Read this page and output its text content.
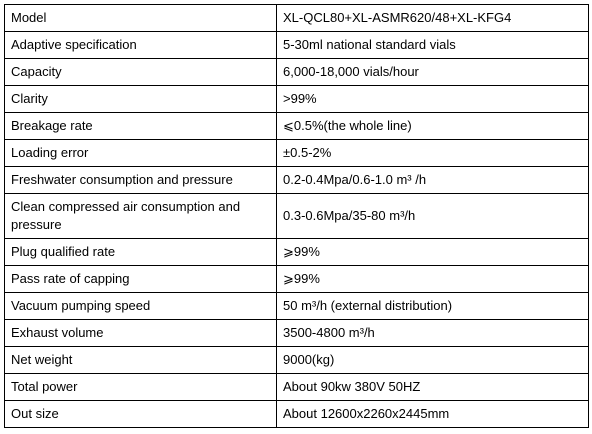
Model	XL-QCL80+XL-ASMR620/48+XL-KFG4
Adaptive specification	5-30ml national standard vials
Capacity	6,000-18,000 vials/hour
Clarity	>99%
Breakage rate	⩽0.5%(the whole line)
Loading error	±0.5-2%
Freshwater consumption and pressure	0.2-0.4Mpa/0.6-1.0 m³ /h
Clean compressed air consumption and pressure	0.3-0.6Mpa/35-80 m³/h
Plug qualified rate	⩾99%
Pass rate of capping	⩾99%
Vacuum pumping speed	50 m³/h (external distribution)
Exhaust volume	3500-4800 m³/h
Net weight	9000(kg)
Total power	About 90kw 380V 50HZ
Out size	About 12600x2260x2445mm
